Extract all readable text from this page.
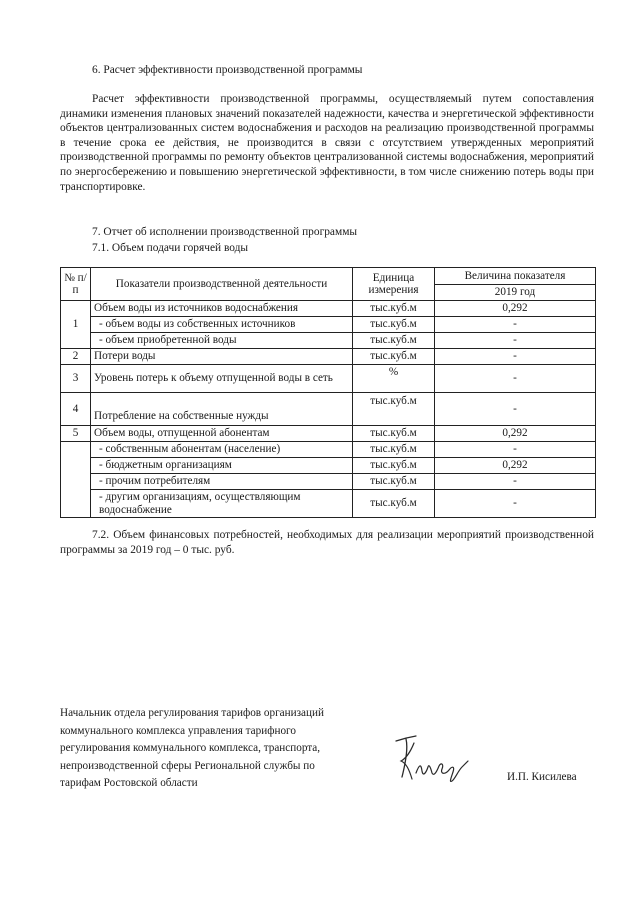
6. Расчет эффективности производственной программы
Расчет эффективности производственной программы, осуществляемый путем сопоставления динамики изменения плановых значений показателей надежности, качества и энергетической эффективности объектов централизованных систем водоснабжения и расходов на реализацию производственной программы в течение срока ее действия, не производится в связи с отсутствием утвержденных мероприятий производственной программы по ремонту объектов централизованной системы водоснабжения, мероприятий по энергосбережению и повышению энергетической эффективности, в том числе снижению потерь воды при транспортировке.
7. Отчет об исполнении производственной программы
7.1. Объем подачи горячей воды
№ п/п	Показатели производственной деятельности	Единица измерения	Величина показателя
			2019 год
1	Объем воды из источников водоснабжения	тыс.куб.м	0,292
	- объем воды из собственных источников	тыс.куб.м	-
	- объем приобретенной воды	тыс.куб.м	-
2	Потери воды	тыс.куб.м	-
3	Уровень потерь к объему отпущенной воды в сеть	%	-
4	Потребление на собственные нужды	тыс.куб.м	-
5	Объем воды, отпущенной абонентам	тыс.куб.м	0,292
	- собственным абонентам (население)	тыс.куб.м	-
	- бюджетным организациям	тыс.куб.м	0,292
	- прочим потребителям	тыс.куб.м	-
	- другим организациям, осуществляющим водоснабжение	тыс.куб.м	-
7.2. Объем финансовых потребностей, необходимых для реализации мероприятий производственной программы за 2019 год – 0 тыс. руб.
Начальник отдела регулирования тарифов организаций
коммунального комплекса управления тарифного
регулирования коммунального комплекса, транспорта,
непроизводственной сферы Региональной службы по
тарифам Ростовской области	И.П. Кисилева
